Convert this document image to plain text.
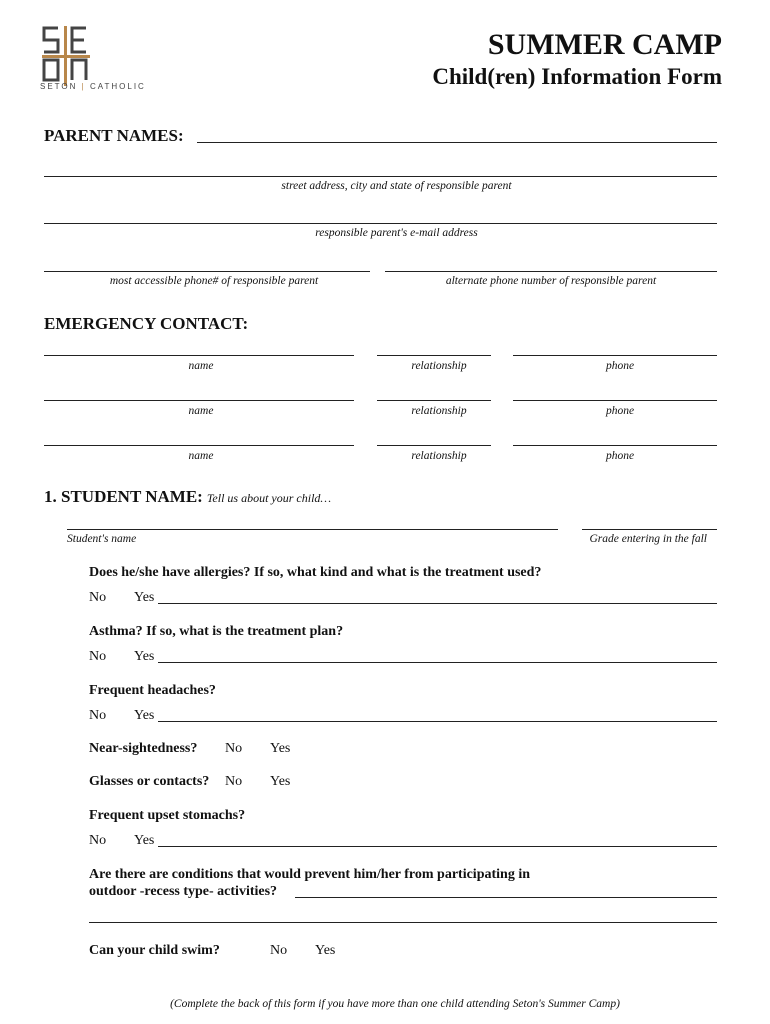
SETON | CATHOLIC
SUMMER CAMP
Child(ren) Information Form
PARENT NAMES:
street address, city and state of responsible parent
responsible parent's e-mail address
most accessible phone# of responsible parent	alternate phone number of responsible parent
EMERGENCY CONTACT:
name	relationship	phone
name	relationship	phone
name	relationship	phone
1. STUDENT NAME: Tell us about your child…
Student's name	Grade entering in the fall
Does he/she have allergies? If so, what kind and what is the treatment used?
No Yes
Asthma? If so, what is the treatment plan?
No Yes
Frequent headaches?
No Yes
Near-sightedness? No Yes
Glasses or contacts? No Yes
Frequent upset stomachs?
No Yes
Are there are conditions that would prevent him/her from participating in
outdoor -recess type- activities?
Can your child swim?	No Yes
(Complete the back of this form if you have more than one child attending Seton's Summer Camp)
